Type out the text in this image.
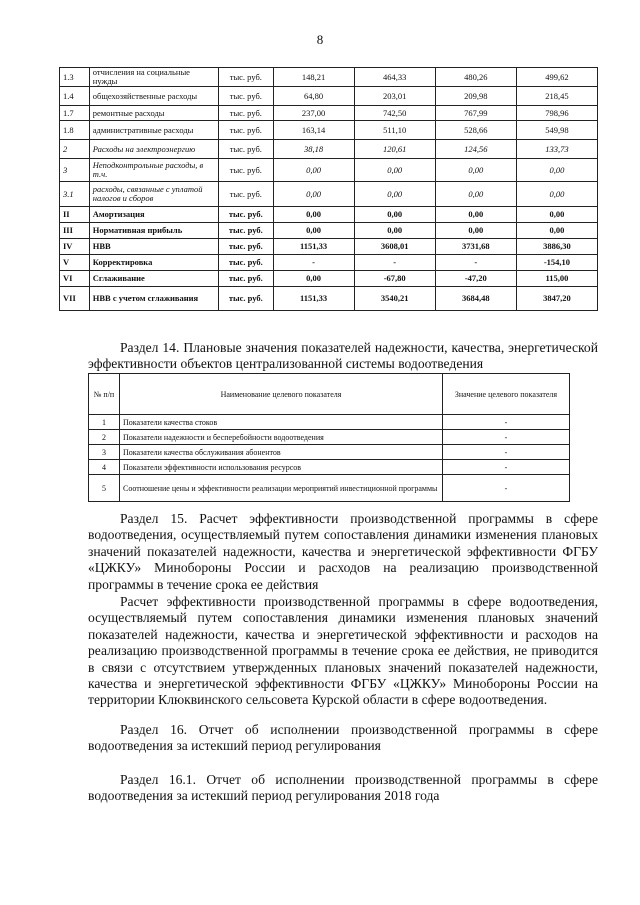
8
1.3	отчисления на социальные нужды	тыс. руб.	148,21	464,33	480,26	499,62
1.4	общехозяйственные расходы	тыс. руб.	64,80	203,01	209,98	218,45
1.7	ремонтные расходы	тыс. руб.	237,00	742,50	767,99	798,96
1.8	административные расходы	тыс. руб.	163,14	511,10	528,66	549,98
2	Расходы на электроэнергию	тыс. руб.	38,18	120,61	124,56	133,73
3	Неподконтрольные расходы, в т.ч.	тыс. руб.	0,00	0,00	0,00	0,00
3.1	расходы, связанные с уплатой налогов и сборов	тыс. руб.	0,00	0,00	0,00	0,00
II	Амортизация	тыс. руб.	0,00	0,00	0,00	0,00
III	Нормативная прибыль	тыс. руб.	0,00	0,00	0,00	0,00
IV	НВВ	тыс. руб.	1151,33	3608,01	3731,68	3886,30
V	Корректировка	тыс. руб.	-	-	-	-154,10
VI	Сглаживание	тыс. руб.	0,00	-67,80	-47,20	115,00
VII	НВВ с учетом сглаживания	тыс. руб.	1151,33	3540,21	3684,48	3847,20

Раздел 14. Плановые значения показателей надежности, качества, энергетической эффективности объектов централизованной системы водоотведения

№ п/п	Наименование целевого показателя	Значение целевого показателя
1	Показатели качества стоков	-
2	Показатели надежности и бесперебойности водоотведения	-
3	Показатели качества обслуживания абонентов	-
4	Показатели эффективности использования ресурсов	-
5	Соотношение цены и эффективности реализации мероприятий инвестиционной программы	-

Раздел 15. Расчет эффективности производственной программы в сфере водоотведения, осуществляемый путем сопоставления динамики изменения плановых значений показателей надежности, качества и энергетической эффективности ФГБУ «ЦЖКУ» Минобороны России и расходов на реализацию производственной программы в течение срока ее действия

Расчет эффективности производственной программы в сфере водоотведения, осуществляемый путем сопоставления динамики изменения плановых значений показателей надежности, качества и энергетической эффективности и расходов на реализацию производственной программы в течение срока ее действия, не приводится в связи с отсутствием утвержденных плановых значений показателей надежности, качества и энергетической эффективности ФГБУ «ЦЖКУ» Минобороны России на территории Клюквинского сельсовета Курской области в сфере водоотведения.

Раздел 16. Отчет об исполнении производственной программы в сфере водоотведения за истекший период регулирования

Раздел 16.1. Отчет об исполнении производственной программы в сфере водоотведения за истекший период регулирования 2018 года
